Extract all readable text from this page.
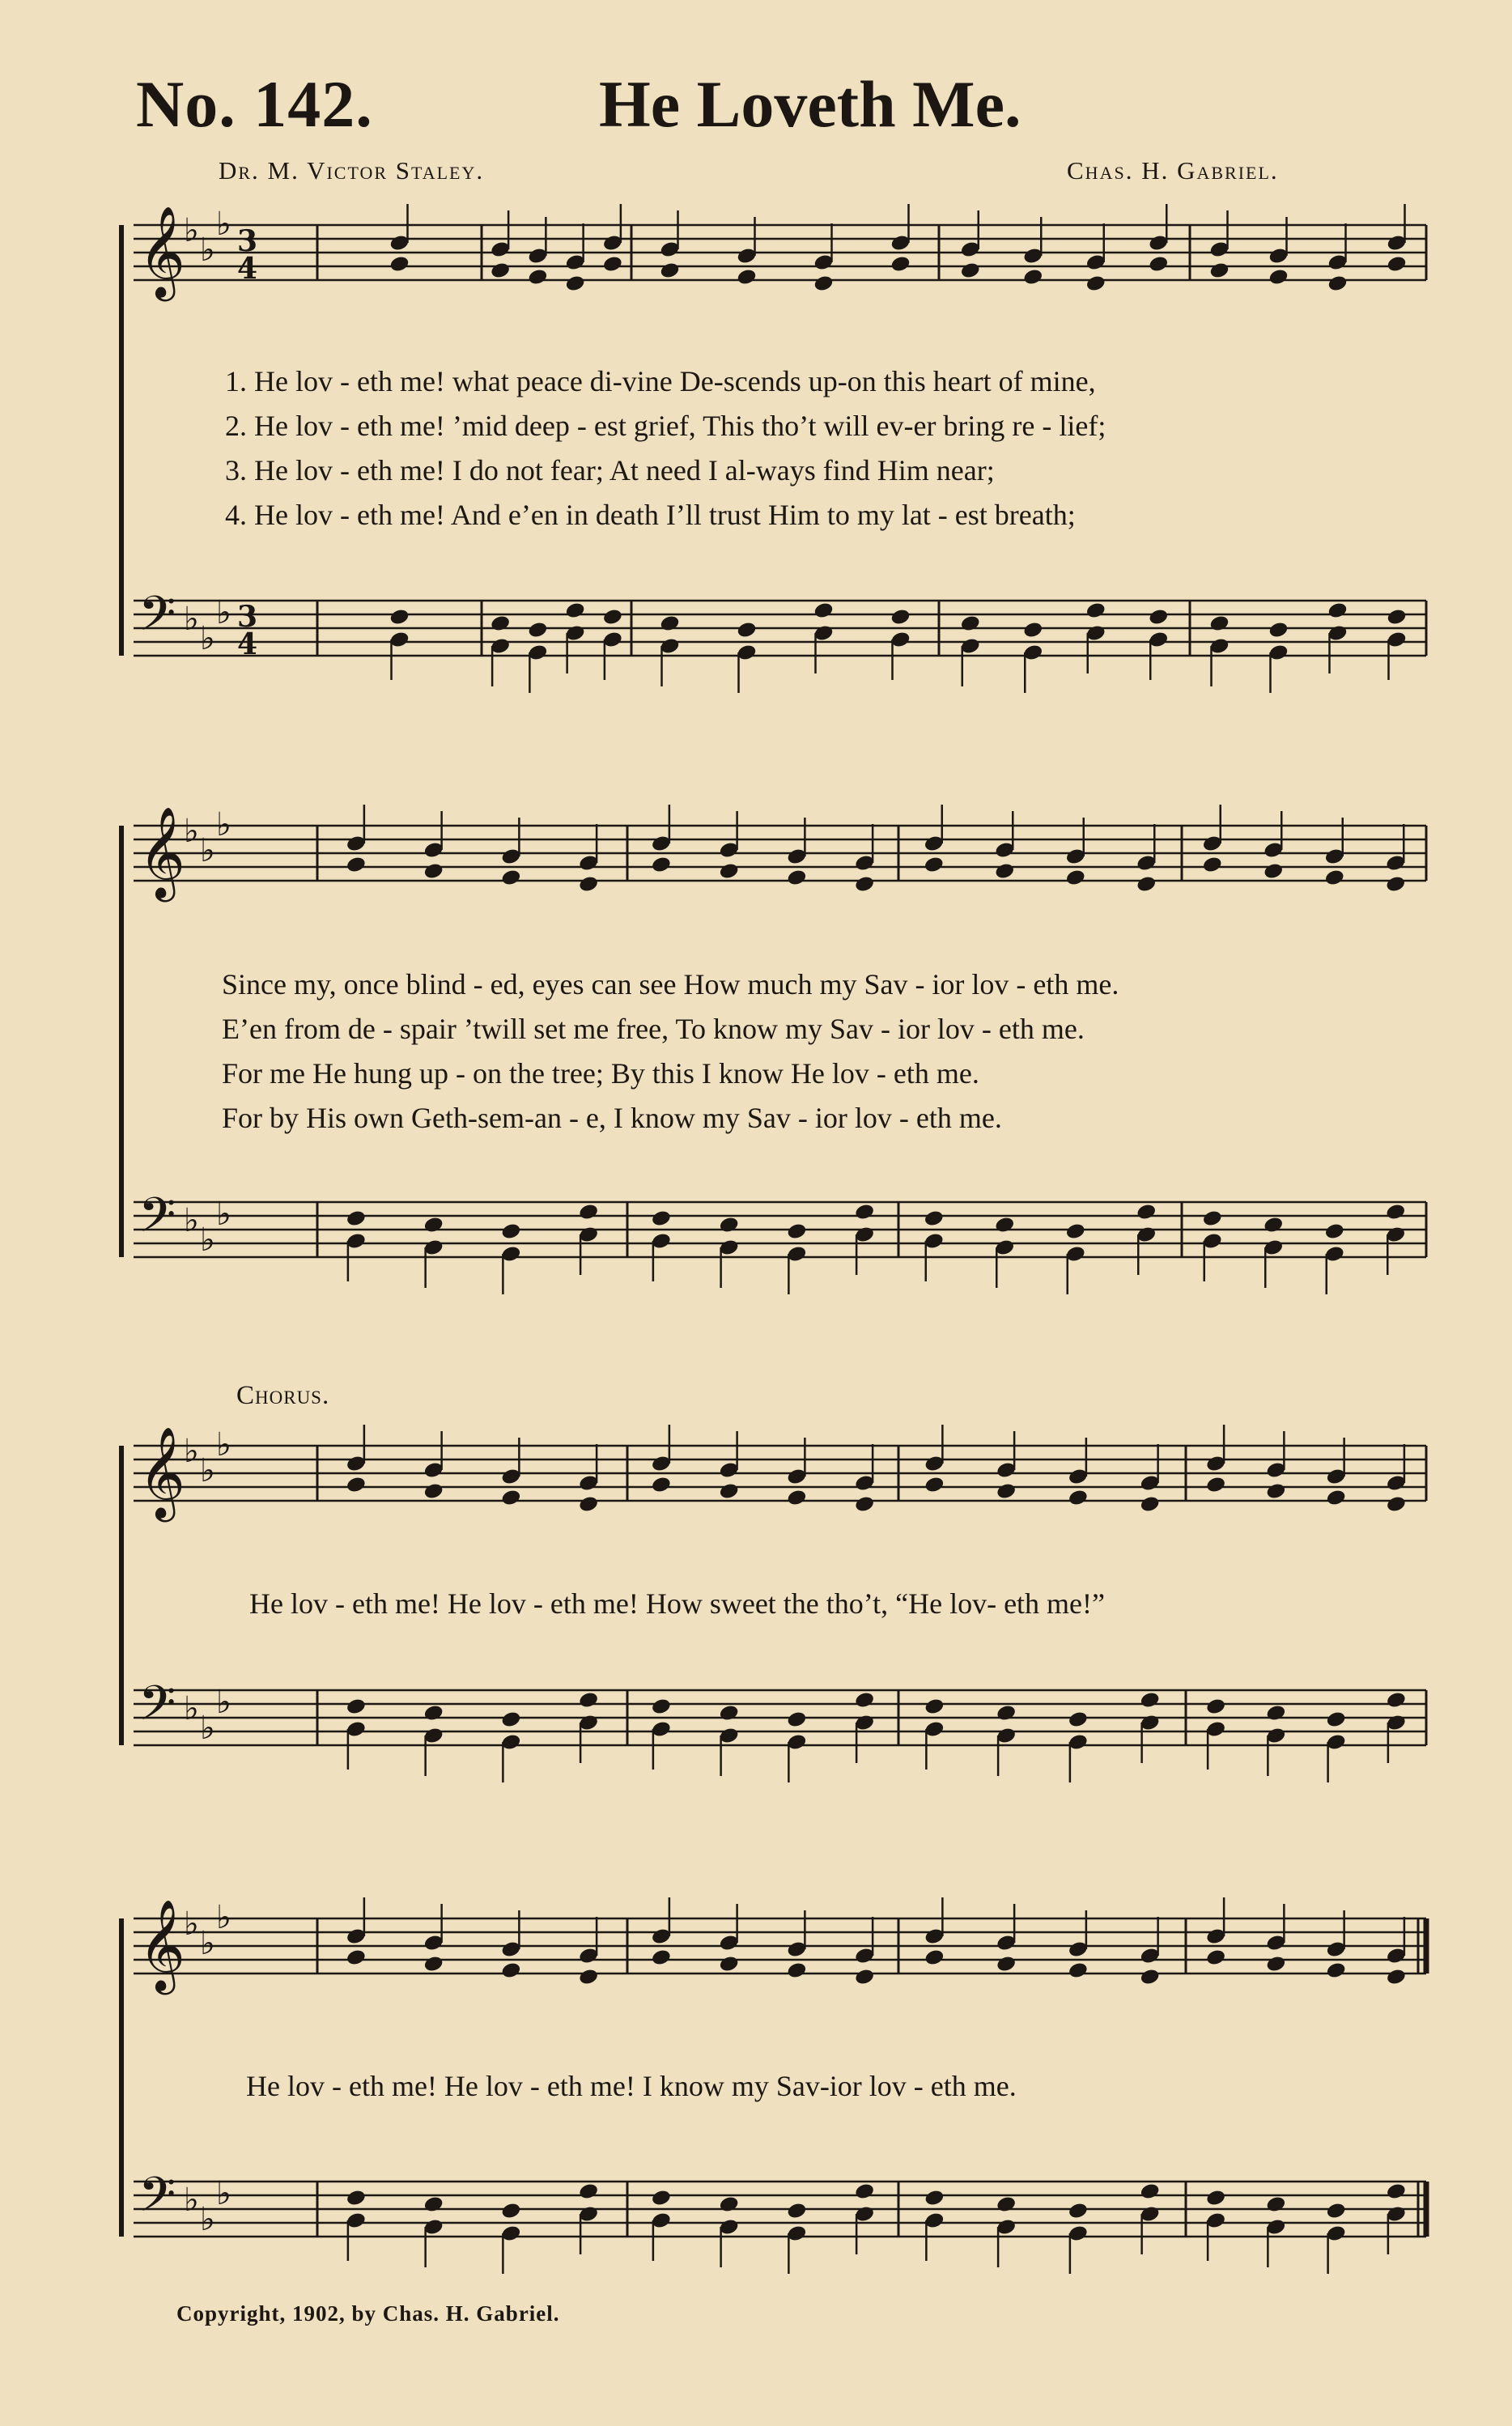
No. 142.	He Loveth Me.
Dr. M. Victor Staley.	Chas. H. Gabriel.
𝄞
♭
♭
♭
𝄢 ♭
♭
♭
3
4
3
4
𝄞
♭
♭
♭
𝄢 ♭
♭
♭
𝄞
♭
♭
♭
𝄢 ♭
♭
♭
𝄞
♭
♭
♭
𝄢 ♭
♭
♭
1. He lov - eth me! what peace di-vine De-scends up-on this heart of mine,
2. He lov - eth me! ’mid deep - est grief, This tho’t will ev-er bring re - lief;
3. He lov - eth me! I do not fear; At need I al-ways find Him near;
4. He lov - eth me! And e’en in death I’ll trust Him to my lat - est breath;
Since my, once blind - ed, eyes can see How much my Sav - ior lov - eth me.
E’en from de - spair ’twill set me free, To know my Sav - ior lov - eth me.
For me He hung up - on the tree; By this I know He lov - eth me.
For by His own Geth-sem-an - e, I know my Sav - ior lov - eth me.
Chorus.
He lov - eth me! He lov - eth me! How sweet the tho’t, “He lov- eth me!”
He lov - eth me! He lov - eth me! I know my Sav-ior lov - eth me.
Copyright, 1902, by Chas. H. Gabriel.
